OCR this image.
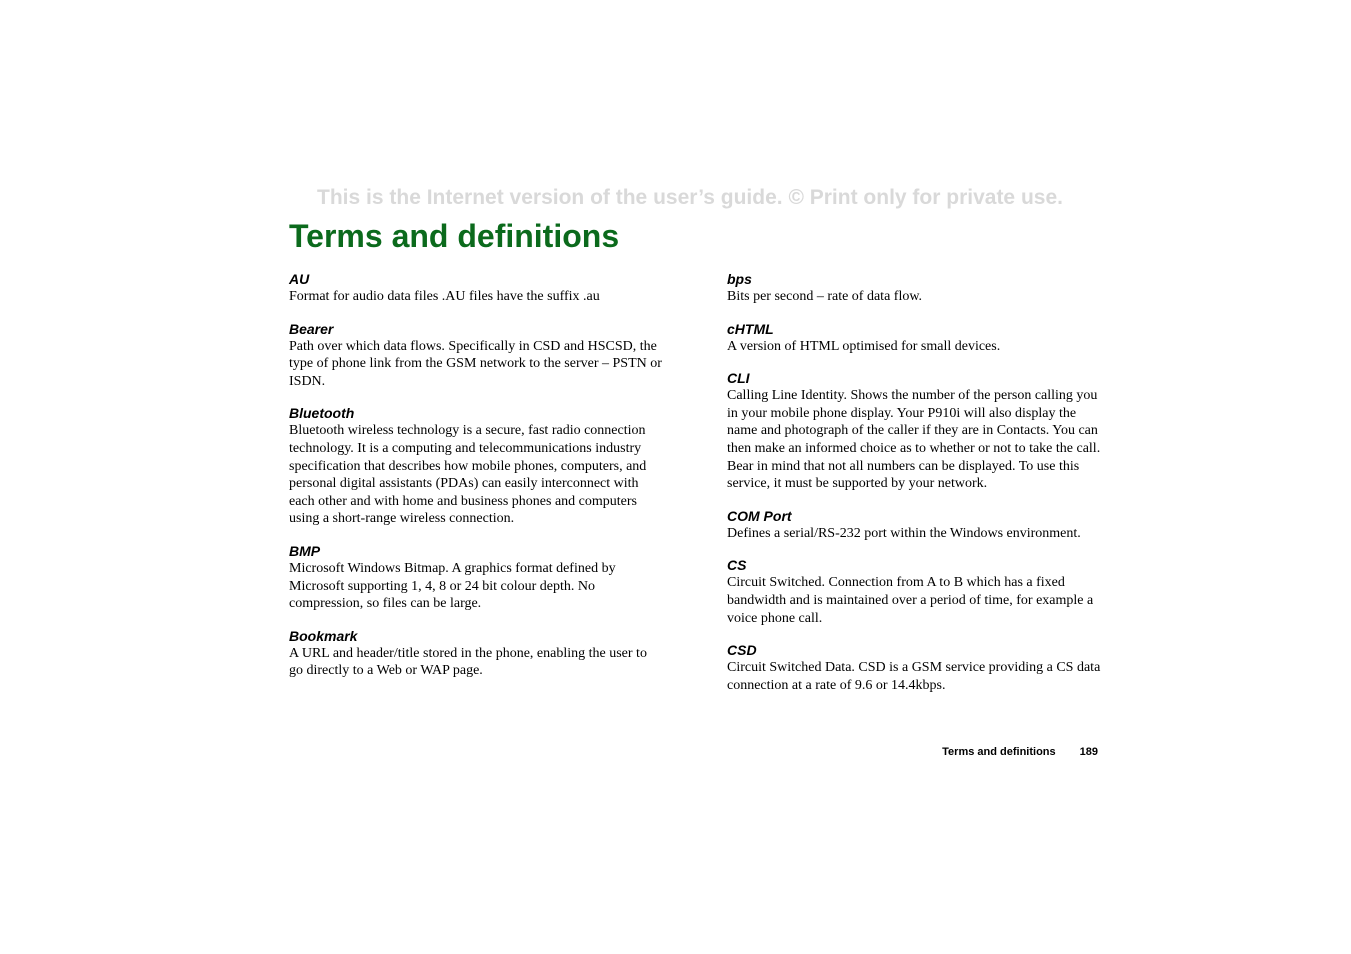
This is the Internet version of the user’s guide. © Print only for private use.
Terms and definitions

AU

Format for audio data files .AU files have the suffix .au

Bearer

Path over which data flows. Specifically in CSD and HSCSD, the type of phone link from the GSM network to the server – PSTN or ISDN.

Bluetooth

Bluetooth wireless technology is a secure, fast radio connection technology. It is a computing and telecommunications industry specification that describes how mobile phones, computers, and personal digital assistants (PDAs) can easily interconnect with each other and with home and business phones and computers using a short-range wireless connection.

BMP

Microsoft Windows Bitmap. A graphics format defined by Microsoft supporting 1, 4, 8 or 24 bit colour depth. No compression, so files can be large.

Bookmark

A URL and header/title stored in the phone, enabling the user to go directly to a Web or WAP page.

bps

Bits per second – rate of data flow.

cHTML

A version of HTML optimised for small devices.

CLI

Calling Line Identity. Shows the number of the person calling you in your mobile phone display. Your P910i will also display the name and photograph of the caller if they are in Contacts. You can then make an informed choice as to whether or not to take the call. Bear in mind that not all numbers can be displayed. To use this service, it must be supported by your network.

COM Port

Defines a serial/RS-232 port within the Windows environment.

CS

Circuit Switched. Connection from A to B which has a fixed bandwidth and is maintained over a period of time, for example a voice phone call.

CSD

Circuit Switched Data. CSD is a GSM service providing a CS data connection at a rate of 9.6 or 14.4kbps.

Terms and definitions 189
